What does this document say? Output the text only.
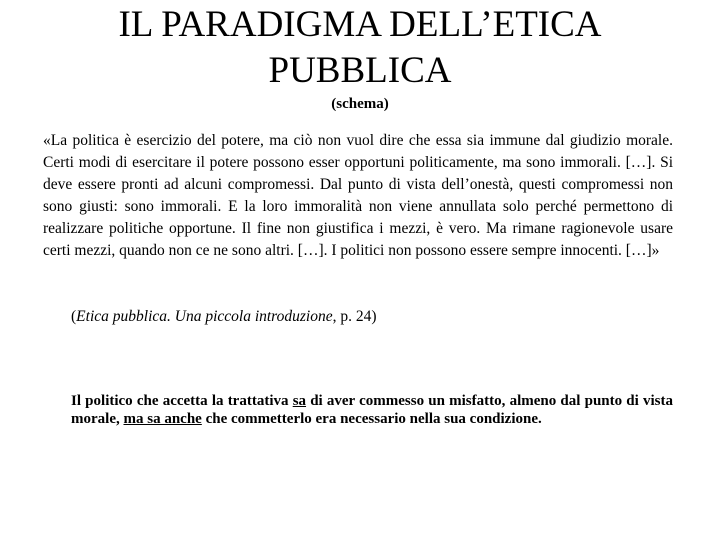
IL PARADIGMA DELL’ETICA
PUBBLICA
(schema)

«La politica è esercizio del potere, ma ciò non vuol dire che essa sia immune dal giudizio morale. Certi modi di esercitare il potere possono esser opportuni politicamente, ma sono immorali. […]. Si deve essere pronti ad alcuni compromessi. Dal punto di vista dell’onestà, questi compromessi non sono giusti: sono immorali. E la loro immoralità non viene annullata solo perché permettono di realizzare politiche opportune. Il fine non giustifica i mezzi, è vero. Ma rimane ragionevole usare certi mezzi, quando non ce ne sono altri. […]. I politici non possono essere sempre innocenti. […]»

(Etica pubblica. Una piccola introduzione, p. 24)

Il politico che accetta la trattativa sa di aver commesso un misfatto, almeno dal punto di vista morale, ma sa anche che commetterlo era necessario nella sua condizione.
